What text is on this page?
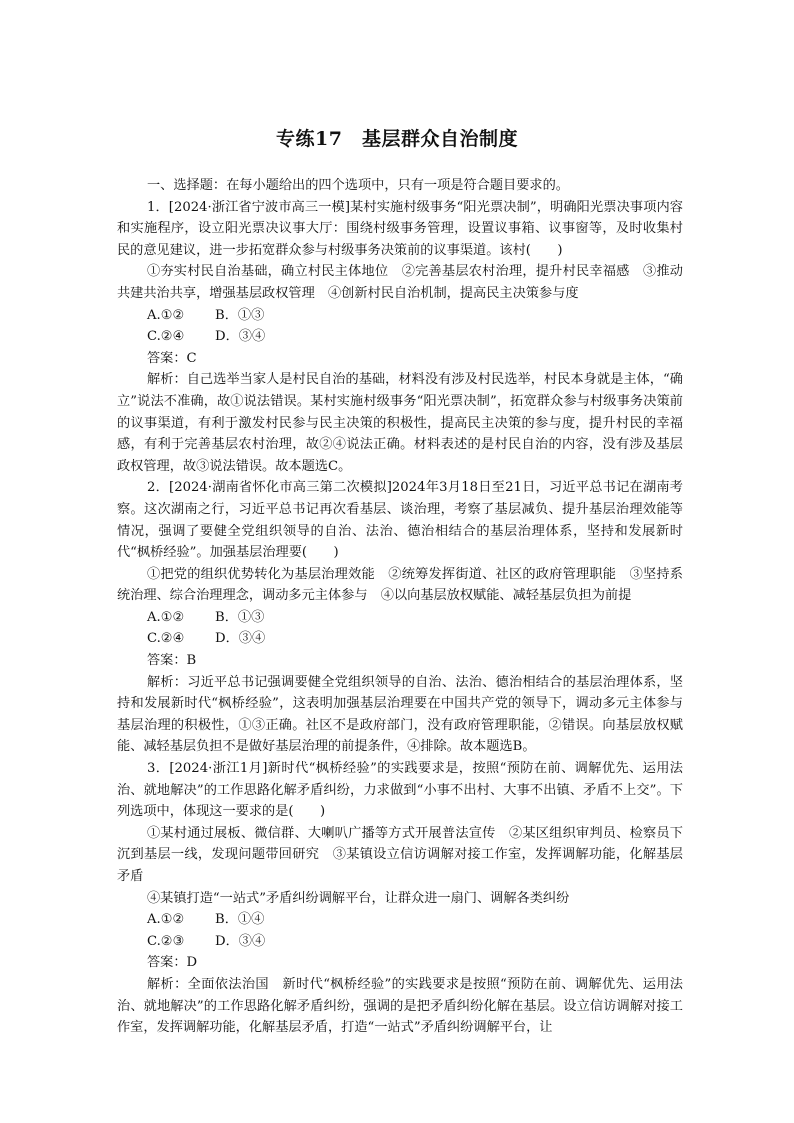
专练17　基层群众自治制度

一、选择题：在每小题给出的四个选项中，只有一项是符合题目要求的。

1．[2024·浙江省宁波市高三一模]某村实施村级事务“阳光票决制”，明确阳光票决事项内容和实施程序，设立阳光票决议事大厅：围绕村级事务管理，设置议事箱、议事窗等，及时收集村民的意见建议，进一步拓宽群众参与村级事务决策前的议事渠道。该村(　　)

①夯实村民自治基础，确立村民主体地位　②完善基层农村治理，提升村民幸福感　③推动共建共治共享，增强基层政权管理　④创新村民自治机制，提高民主决策参与度

A.①② B．①③

C.②④ D．③④

答案：C

解析：自己选举当家人是村民自治的基础，材料没有涉及村民选举，村民本身就是主体，“确立”说法不准确，故①说法错误。某村实施村级事务“阳光票决制”，拓宽群众参与村级事务决策前的议事渠道，有利于激发村民参与民主决策的积极性，提高民主决策的参与度，提升村民的幸福感，有利于完善基层农村治理，故②④说法正确。材料表述的是村民自治的内容，没有涉及基层政权管理，故③说法错误。故本题选C。

2．[2024·湖南省怀化市高三第二次模拟]2024年3月18日至21日，习近平总书记在湖南考察。这次湖南之行，习近平总书记再次看基层、谈治理，考察了基层减负、提升基层治理效能等情况，强调了要健全党组织领导的自治、法治、德治相结合的基层治理体系，坚持和发展新时代“枫桥经验”。加强基层治理要(　　)

①把党的组织优势转化为基层治理效能　②统筹发挥街道、社区的政府管理职能　③坚持系统治理、综合治理理念，调动多元主体参与　④以向基层放权赋能、减轻基层负担为前提

A.①② B．①③

C.②④ D．③④

答案：B

解析：习近平总书记强调要健全党组织领导的自治、法治、德治相结合的基层治理体系，坚持和发展新时代“枫桥经验”，这表明加强基层治理要在中国共产党的领导下，调动多元主体参与基层治理的积极性，①③正确。社区不是政府部门，没有政府管理职能，②错误。向基层放权赋能、减轻基层负担不是做好基层治理的前提条件，④排除。故本题选B。

3．[2024·浙江1月]新时代“枫桥经验”的实践要求是，按照“预防在前、调解优先、运用法治、就地解决”的工作思路化解矛盾纠纷，力求做到“小事不出村、大事不出镇、矛盾不上交”。下列选项中，体现这一要求的是(　　)

①某村通过展板、微信群、大喇叭广播等方式开展普法宣传　②某区组织审判员、检察员下沉到基层一线，发现问题带回研究　③某镇设立信访调解对接工作室，发挥调解功能，化解基层矛盾

④某镇打造“一站式”矛盾纠纷调解平台，让群众进一扇门、调解各类纠纷

A.①② B．①④

C.②③ D．③④

答案：D

解析：全面依法治国　新时代“枫桥经验”的实践要求是按照“预防在前、调解优先、运用法治、就地解决”的工作思路化解矛盾纠纷，强调的是把矛盾纠纷化解在基层。设立信访调解对接工作室，发挥调解功能，化解基层矛盾，打造“一站式”矛盾纠纷调解平台，让
